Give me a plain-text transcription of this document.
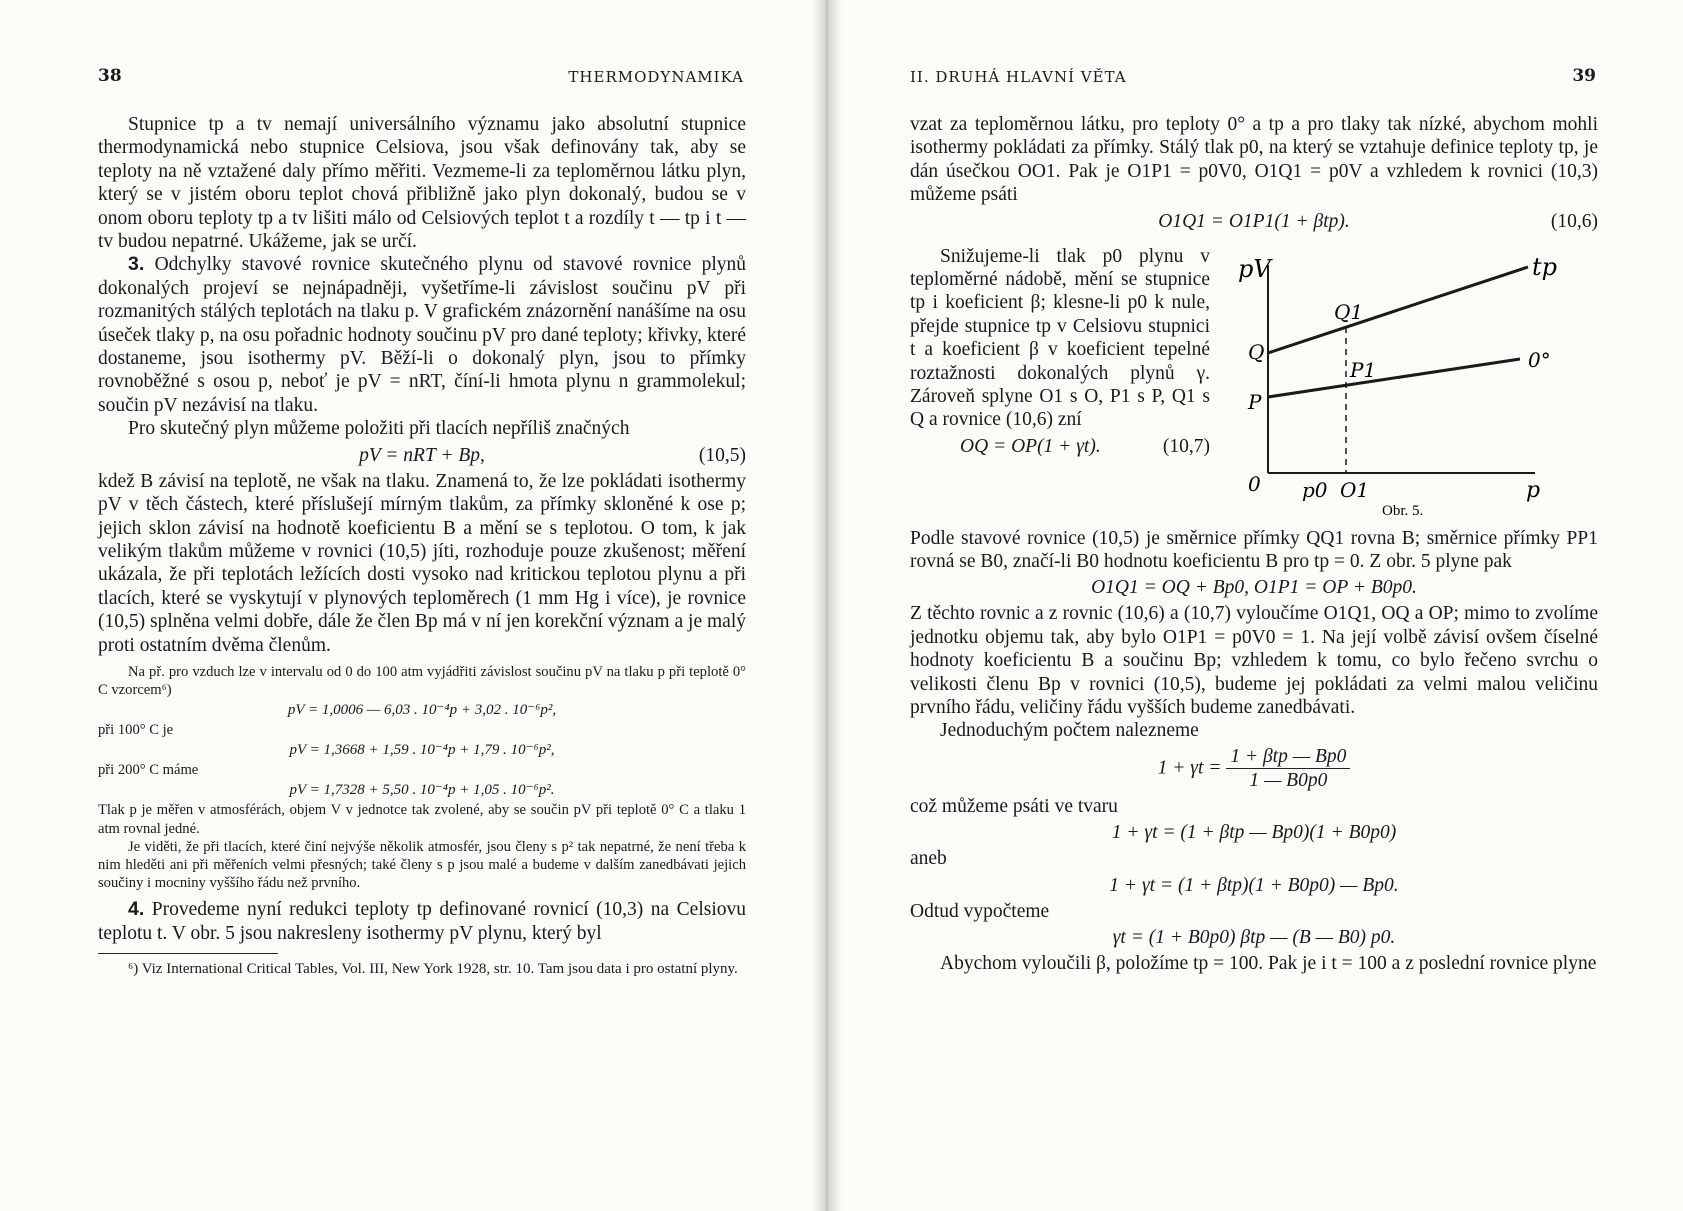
38	THERMODYNAMIKA

Stupnice tp a tv nemají universálního významu jako absolutní stupnice thermodynamická nebo stupnice Celsiova, jsou však definovány tak, aby se teploty na ně vztažené daly přímo měřiti. Vezmeme-li za teploměrnou látku plyn, který se v jistém oboru teplot chová přibližně jako plyn dokonalý, budou se v onom oboru teploty tp a tv lišiti málo od Celsiových teplot t a rozdíly t — tp i t — tv budou nepatrné. Ukážeme, jak se určí.

3. Odchylky stavové rovnice skutečného plynu od stavové rovnice plynů dokonalých projeví se nejnápadněji, vyšetříme-li závislost součinu pV při rozmanitých stálých teplotách na tlaku p. V grafickém znázornění nanášíme na osu úseček tlaky p, na osu pořadnic hodnoty součinu pV pro dané teploty; křivky, které dostaneme, jsou isothermy pV. Běží-li o dokonalý plyn, jsou to přímky rovnoběžné s osou p, neboť je pV = nRT, číní-li hmota plynu n grammolekul; součin pV nezávisí na tlaku.

Pro skutečný plyn můžeme položiti při tlacích nepříliš značných

pV = nRT + Bp,	(10,5)

kdež B závisí na teplotě, ne však na tlaku. Znamená to, že lze pokládati isothermy pV v těch částech, které příslušejí mírným tlakům, za přímky skloněné k ose p; jejich sklon závisí na hodnotě koeficientu B a mění se s teplotou. O tom, k jak velikým tlakům můžeme v rovnici (10,5) jíti, rozhoduje pouze zkušenost; měření ukázala, že při teplotách ležících dosti vysoko nad kritickou teplotou plynu a při tlacích, které se vyskytují v plynových teploměrech (1 mm Hg i více), je rovnice (10,5) splněna velmi dobře, dále že člen Bp má v ní jen korekční význam a je malý proti ostatním dvěma členům.

Na př. pro vzduch lze v intervalu od 0 do 100 atm vyjádřiti závislost součinu pV na tlaku p při teplotě 0° C vzorcem⁶)

pV = 1,0006 — 6,03 . 10⁻⁴p + 3,02 . 10⁻⁶p²,
při 100° C je
pV = 1,3668 + 1,59 . 10⁻⁴p + 1,79 . 10⁻⁶p²,
při 200° C máme
pV = 1,7328 + 5,50 . 10⁻⁴p + 1,05 . 10⁻⁶p².

Tlak p je měřen v atmosférách, objem V v jednotce tak zvolené, aby se součin pV při teplotě 0° C a tlaku 1 atm rovnal jedné.

Je viděti, že při tlacích, které činí nejvýše několik atmosfér, jsou členy s p² tak nepatrné, že není třeba k nim hleděti ani při měřeních velmi přesných; také členy s p jsou malé a budeme v dalším zanedbávati jejich součiny i mocniny vyššího řádu než prvního.

4. Provedeme nyní redukci teploty tp definované rovnicí (10,3) na Celsiovu teplotu t. V obr. 5 jsou nakresleny isothermy pV plynu, který byl

⁶) Viz International Critical Tables, Vol. III, New York 1928, str. 10. Tam jsou data i pro ostatní plyny.

II. DRUHÁ HLAVNÍ VĚTA	39

vzat za teploměrnou látku, pro teploty 0° a tp a pro tlaky tak nízké, abychom mohli isothermy pokládati za přímky. Stálý tlak p0, na který se vztahuje definice teploty tp, je dán úsečkou OO1. Pak je O1P1 = p0V0, O1Q1 = p0V a vzhledem k rovnici (10,3) můžeme psáti

O1Q1 = O1P1(1 + βtp).	(10,6)

Snižujeme-li tlak p0 plynu v teploměrné nádobě, mění se stupnice tp i koeficient β; klesne-li p0 k nule, přejde stupnice tp v Celsiovu stupnici t a koeficient β v koeficient tepelné roztažnosti dokonalých plynů γ. Zároveň splyne O1 s O, P1 s P, Q1 s Q a rovnice (10,6) zní

OQ = OP(1 + γt).	(10,7)
pV	tp
Q1
Q	0°
P1
P
0 p0 O1	p
Obr. 5.

Podle stavové rovnice (10,5) je směrnice přímky QQ1 rovna B; směrnice přímky PP1 rovná se B0, značí-li B0 hodnotu koeficientu B pro tp = 0. Z obr. 5 plyne pak

O1Q1 = OQ + Bp0, O1P1 = OP + B0p0.

Z těchto rovnic a z rovnic (10,6) a (10,7) vyloučíme O1Q1, OQ a OP; mimo to zvolíme jednotku objemu tak, aby bylo O1P1 = p0V0 = 1. Na její volbě závisí ovšem číselné hodnoty koeficientu B a součinu Bp; vzhledem k tomu, co bylo řečeno svrchu o velikosti členu Bp v rovnici (10,5), budeme jej pokládati za velmi malou veličinu prvního řádu, veličiny řádu vyšších budeme zanedbávati.

Jednoduchým počtem nalezneme

$1 + \gamma t = \frac{\text{1 + βtp — Bp0}}{1 — B0p0}$

což můžeme psáti ve tvaru

1 + γt = (1 + βtp — Bp0)(1 + B0p0)

aneb

1 + γt = (1 + βtp)(1 + B0p0) — Bp0.

Odtud vypočteme

γt = (1 + B0p0) βtp — (B — B0) p0.

Abychom vyloučili β, položíme tp = 100. Pak je i t = 100 a z poslední rovnice plyne
